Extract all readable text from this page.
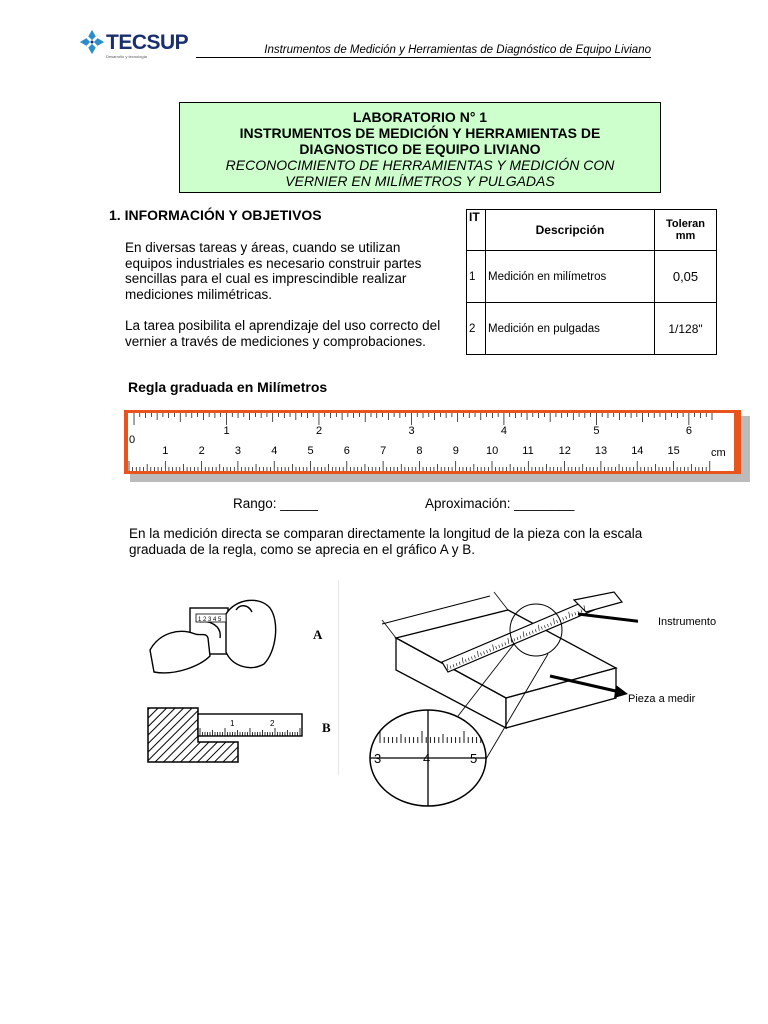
TECSUP
Desarrollo y tecnología
Instrumentos de Medición y Herramientas de Diagnóstico de Equipo Liviano
LABORATORIO N° 1
INSTRUMENTOS DE MEDICIÓN Y HERRAMIENTAS DE
DIAGNOSTICO DE EQUIPO LIVIANO
RECONOCIMIENTO DE HERRAMIENTAS Y MEDICIÓN CON
VERNIER EN MILÍMETROS Y PULGADAS
1. INFORMACIÓN Y OBJETIVOS
En diversas tareas y áreas, cuando se utilizan equipos industriales es necesario construir partes sencillas para el cual es imprescindible realizar mediciones milimétricas.
La tarea posibilita el aprendizaje del uso correcto del vernier a través de mediciones y comprobaciones.
IT	Descripción	Toleran mm
1	Medición en milímetros	0,05
2	Medición en pulgadas	1/128"
Regla graduada en Milímetros
0
1	2	3	4	5	6
1	2	3	4	5	6	7	8	9 10 11 12 13 14 15	cm
Rango: _____	Aproximación: ________
En la medición directa se comparan directamente la longitud de la pieza con la escala graduada de la regla, como se aprecia en el gráfico A y B.
1 2 3 4 5
A
1	2	B
3	4	5
Instrumento
Pieza a medir
